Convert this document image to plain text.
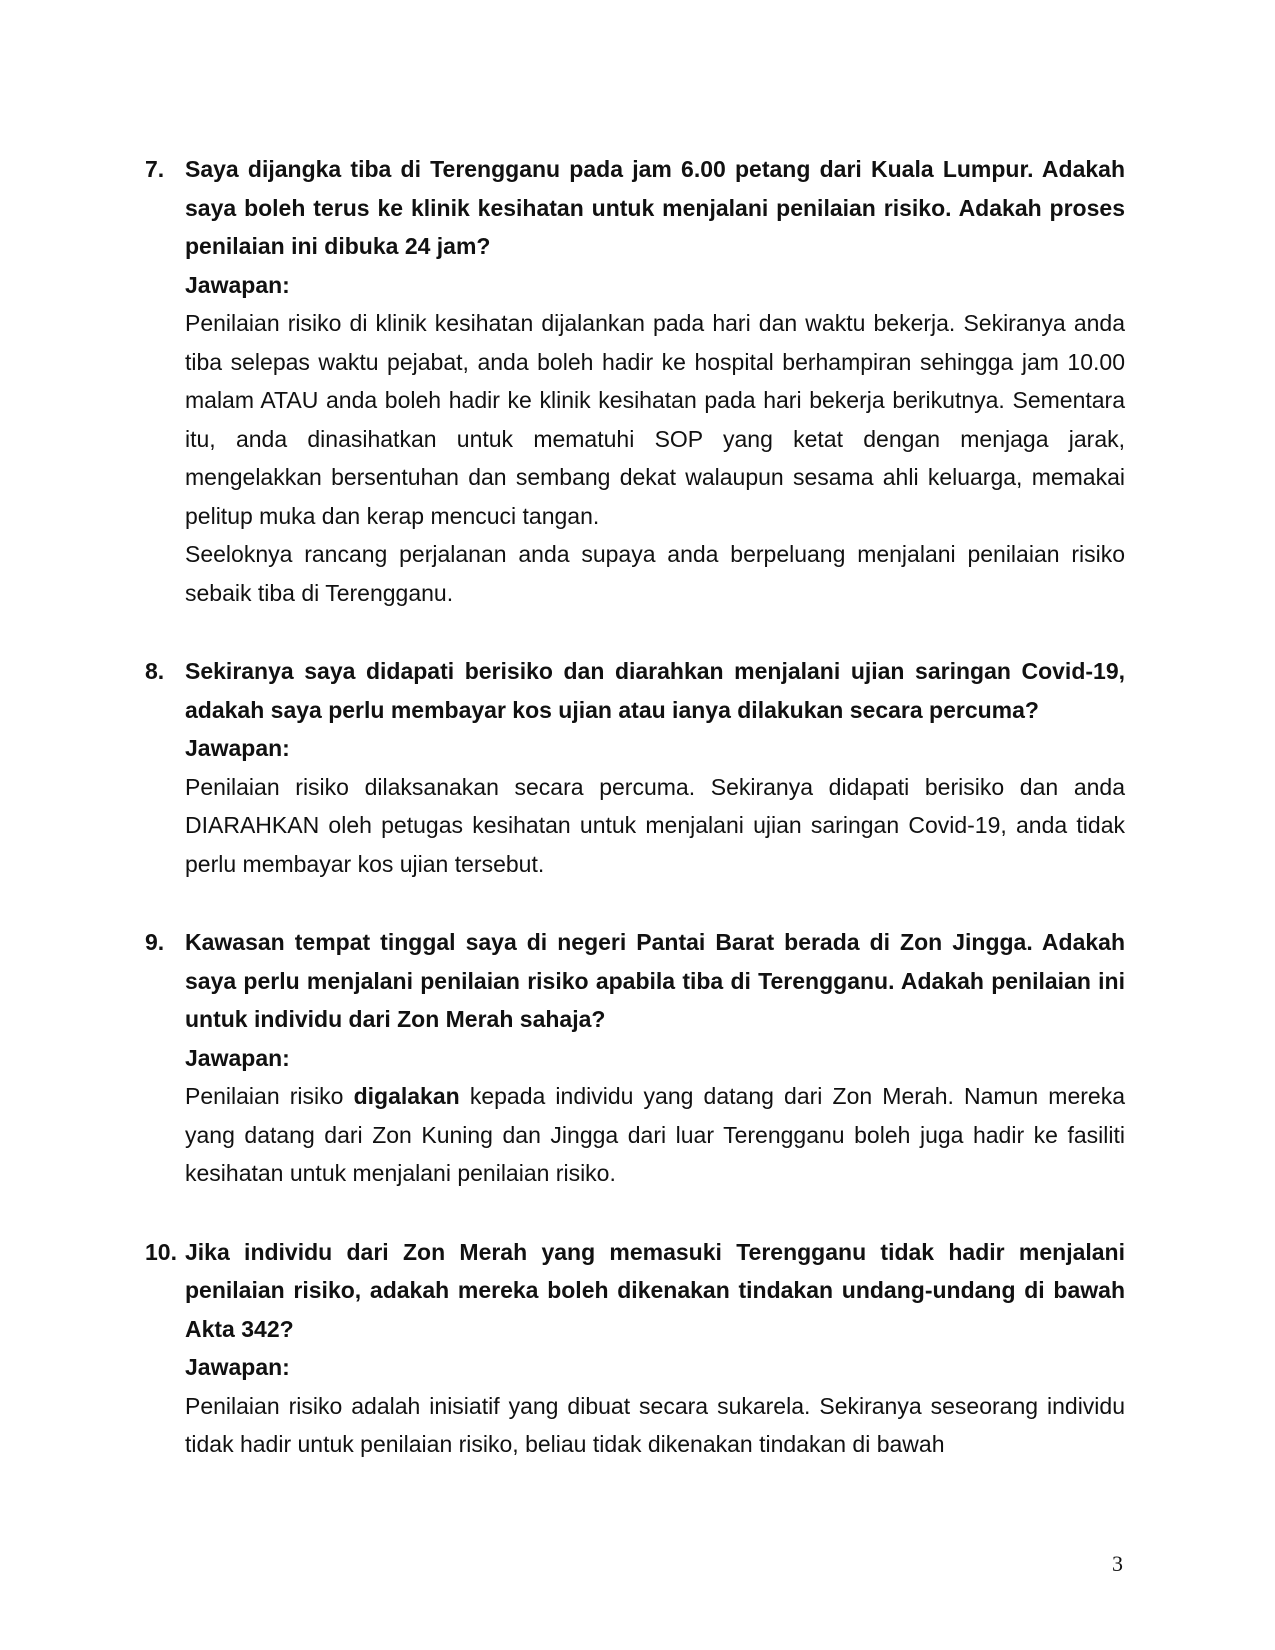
7. Saya dijangka tiba di Terengganu pada jam 6.00 petang dari Kuala Lumpur. Adakah saya boleh terus ke klinik kesihatan untuk menjalani penilaian risiko. Adakah proses penilaian ini dibuka 24 jam?

Jawapan:

Penilaian risiko di klinik kesihatan dijalankan pada hari dan waktu bekerja. Sekiranya anda tiba selepas waktu pejabat, anda boleh hadir ke hospital berhampiran sehingga jam 10.00 malam ATAU anda boleh hadir ke klinik kesihatan pada hari bekerja berikutnya. Sementara itu, anda dinasihatkan untuk mematuhi SOP yang ketat dengan menjaga jarak, mengelakkan bersentuhan dan sembang dekat walaupun sesama ahli keluarga, memakai pelitup muka dan kerap mencuci tangan.

Seeloknya rancang perjalanan anda supaya anda berpeluang menjalani penilaian risiko sebaik tiba di Terengganu.

8. Sekiranya saya didapati berisiko dan diarahkan menjalani ujian saringan Covid-19, adakah saya perlu membayar kos ujian atau ianya dilakukan secara percuma?

Jawapan:

Penilaian risiko dilaksanakan secara percuma. Sekiranya didapati berisiko dan anda DIARAHKAN oleh petugas kesihatan untuk menjalani ujian saringan Covid-19, anda tidak perlu membayar kos ujian tersebut.

9. Kawasan tempat tinggal saya di negeri Pantai Barat berada di Zon Jingga. Adakah saya perlu menjalani penilaian risiko apabila tiba di Terengganu. Adakah penilaian ini untuk individu dari Zon Merah sahaja?

Jawapan:

Penilaian risiko digalakan kepada individu yang datang dari Zon Merah. Namun mereka yang datang dari Zon Kuning dan Jingga dari luar Terengganu boleh juga hadir ke fasiliti kesihatan untuk menjalani penilaian risiko.

10. Jika individu dari Zon Merah yang memasuki Terengganu tidak hadir menjalani penilaian risiko, adakah mereka boleh dikenakan tindakan undang-undang di bawah Akta 342?

Jawapan:

Penilaian risiko adalah inisiatif yang dibuat secara sukarela. Sekiranya seseorang individu tidak hadir untuk penilaian risiko, beliau tidak dikenakan tindakan di bawah

3
